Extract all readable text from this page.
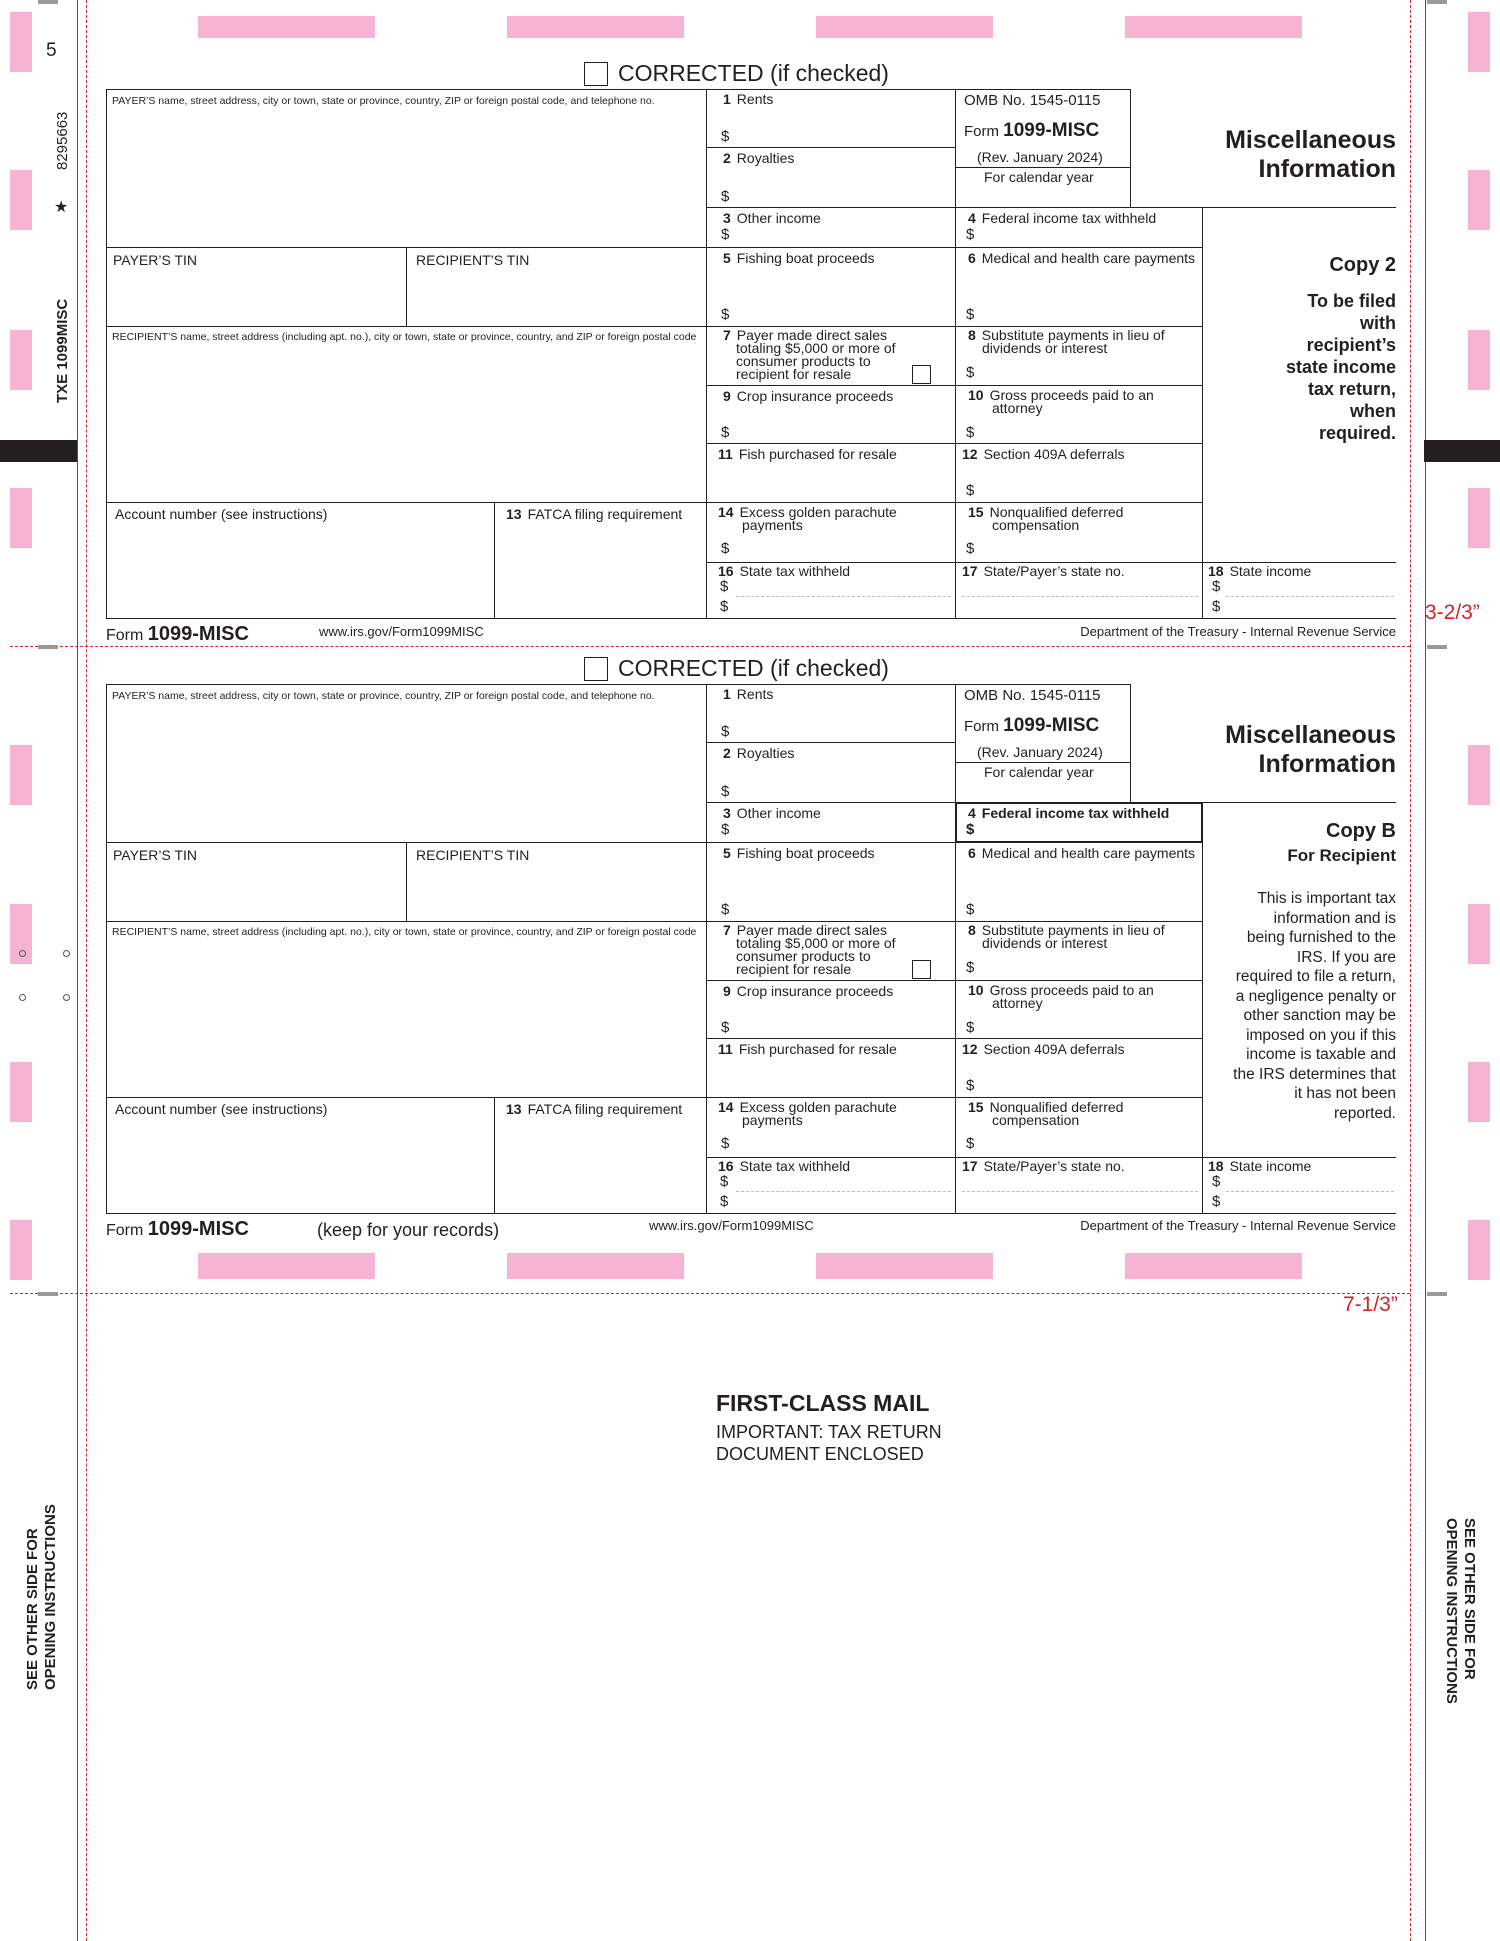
5
8295663
★
TXE 1099MISC
SEE OTHER SIDE FOR OPENING INSTRUCTIONS	SEE OTHER SIDE FOR
OPENING INSTRUCTIONS
3-2/3”
7-1/3”
CORRECTED (if checked)
PAYER’S name, street address, city or town, state or province, country, ZIP or foreign postal code, and telephone no.
PAYER’S TIN	RECIPIENT’S TIN
RECIPIENT’S name, street address (including apt. no.), city or town, state or province, country, and ZIP or foreign postal code
Account number (see instructions)	13 FATCA filing requirement
1 Rents
$
2 Royalties
$
3 Other income
$
5 Fishing boat proceeds
$
7 Payer made direct sales
totaling $5,000 or more of
consumer products to
recipient for resale
9 Crop insurance proceeds
$
11 Fish purchased for resale
14 Excess golden parachute
payments
$
16 State tax withheld
$
$
OMB No. 1545-0115
Form 1099-MISC
(Rev. January 2024)
For calendar year
4 Federal income tax withheld
$
6 Medical and health care payments
$
8 Substitute payments in lieu of
dividends or interest
$
10 Gross proceeds paid to an
attorney
$
12 Section 409A deferrals
$
15 Nonqualified deferred
compensation
$
17 State/Payer’s state no.	18 State income
$
$
Miscellaneous
Information
Copy 2
To be filed
with
recipient’s
state income
tax return,
when
required.
Form 1099-MISC	www.irs.gov/Form1099MISC	Department of the Treasury - Internal Revenue Service
CORRECTED (if checked)
PAYER’S name, street address, city or town, state or province, country, ZIP or foreign postal code, and telephone no.
PAYER’S TIN	RECIPIENT’S TIN
RECIPIENT’S name, street address (including apt. no.), city or town, state or province, country, and ZIP or foreign postal code
Account number (see instructions)	13 FATCA filing requirement
1 Rents
$
2 Royalties
$
3 Other income
$
5 Fishing boat proceeds
$
7 Payer made direct sales
totaling $5,000 or more of
consumer products to
recipient for resale
9 Crop insurance proceeds
$
11 Fish purchased for resale
14 Excess golden parachute
payments
$
16 State tax withheld
$
$
OMB No. 1545-0115
Form 1099-MISC
(Rev. January 2024)
For calendar year
4 Federal income tax withheld
$
6 Medical and health care payments
$
8 Substitute payments in lieu of
dividends or interest
$
10 Gross proceeds paid to an
attorney
$
12 Section 409A deferrals
$
15 Nonqualified deferred
compensation
$
17 State/Payer’s state no.	18 State income
$
$
Miscellaneous
Information
Copy B
For Recipient
This is important tax
information and is
being furnished to the
IRS. If you are
required to file a return,
a negligence penalty or
other sanction may be
imposed on you if this
income is taxable and
the IRS determines that
it has not been
reported.
Form 1099-MISC	(keep for your records)	www.irs.gov/Form1099MISC	Department of the Treasury - Internal Revenue Service
FIRST-CLASS MAIL
IMPORTANT: TAX RETURN
DOCUMENT ENCLOSED
